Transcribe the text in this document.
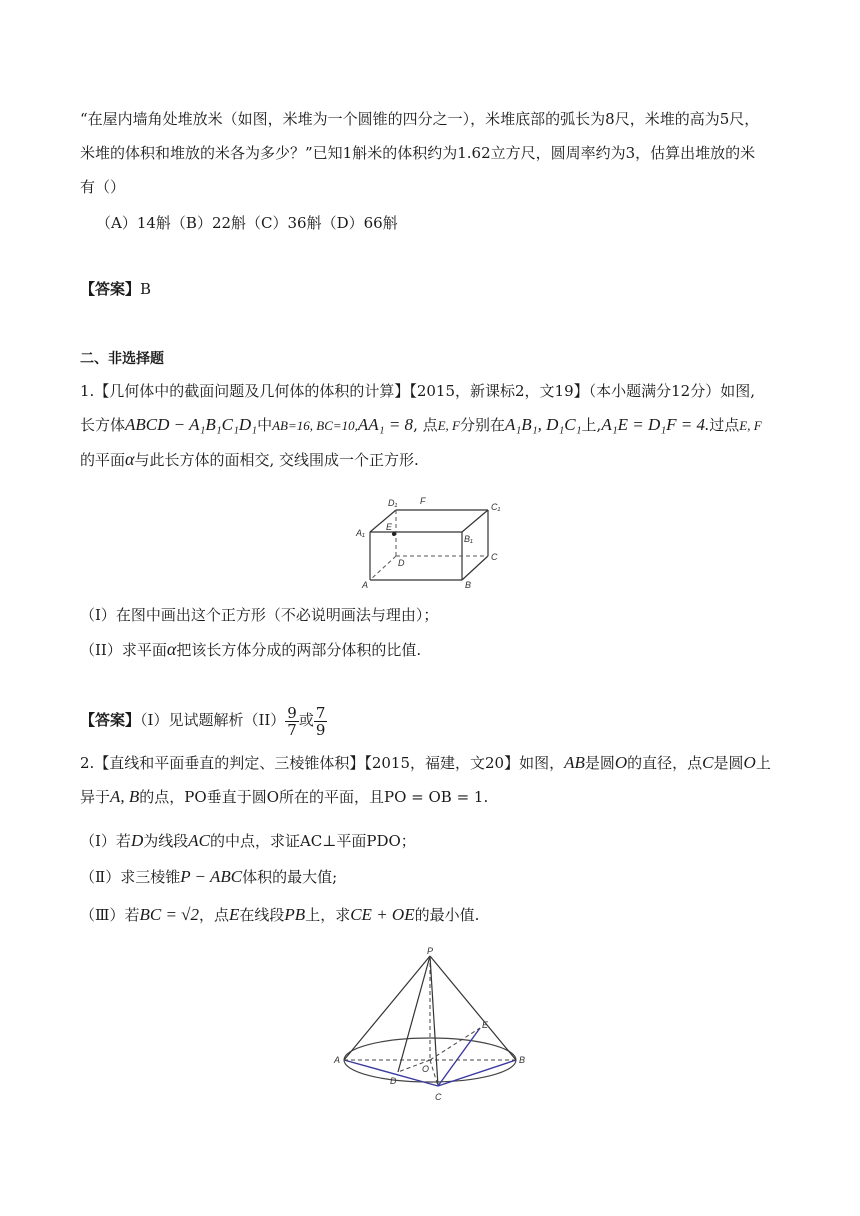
“在屋内墙角处堆放米（如图，米堆为一个圆锥的四分之一），米堆底部的弧长为8尺，米堆的高为5尺，
米堆的体积和堆放的米各为多少？”已知1斛米的体积约为1.62立方尺，圆周率约为3，估算出堆放的米
有（）
（A）14斛（B）22斛（C）36斛（D）66斛
【答案】B
二、非选择题
1.【几何体中的截面问题及几何体的体积的计算】【2015，新课标2，文19】（本小题满分12分）如图,
长方体ABCD − A₁B₁C₁D₁中AB=16, BC=10,AA₁ = 8, 点E, F分别在A₁B₁, D₁C₁上,A₁E = D₁F = 4.过点E, F
的平面α与此长方体的面相交, 交线围成一个正方形.
D₁	F
C₁
A₁
E
B₁
D
C
A	B
（I）在图中画出这个正方形（不必说明画法与理由）；
（II）求平面α把该长方体分成的两部分体积的比值.
【答案】（I）见试题解析$(II) \frac{9}{7}$ 或 $\frac{7}{9}$
2.【直线和平面垂直的判定、三棱锥体积】【2015，福建，文20】如图，AB是圆O的直径，点C是圆O上
异于A, B的点，PO垂直于圆O所在的平面，且PO = OB = 1.
（Ⅰ）若D为线段AC的中点，求证AC⊥平面PDO；
（Ⅱ）求三棱锥P − ABC体积的最大值;
（Ⅲ）若BC = √2，点E在线段PB上，求CE + OE的最小值.
P
A	B
O
D
C
E
